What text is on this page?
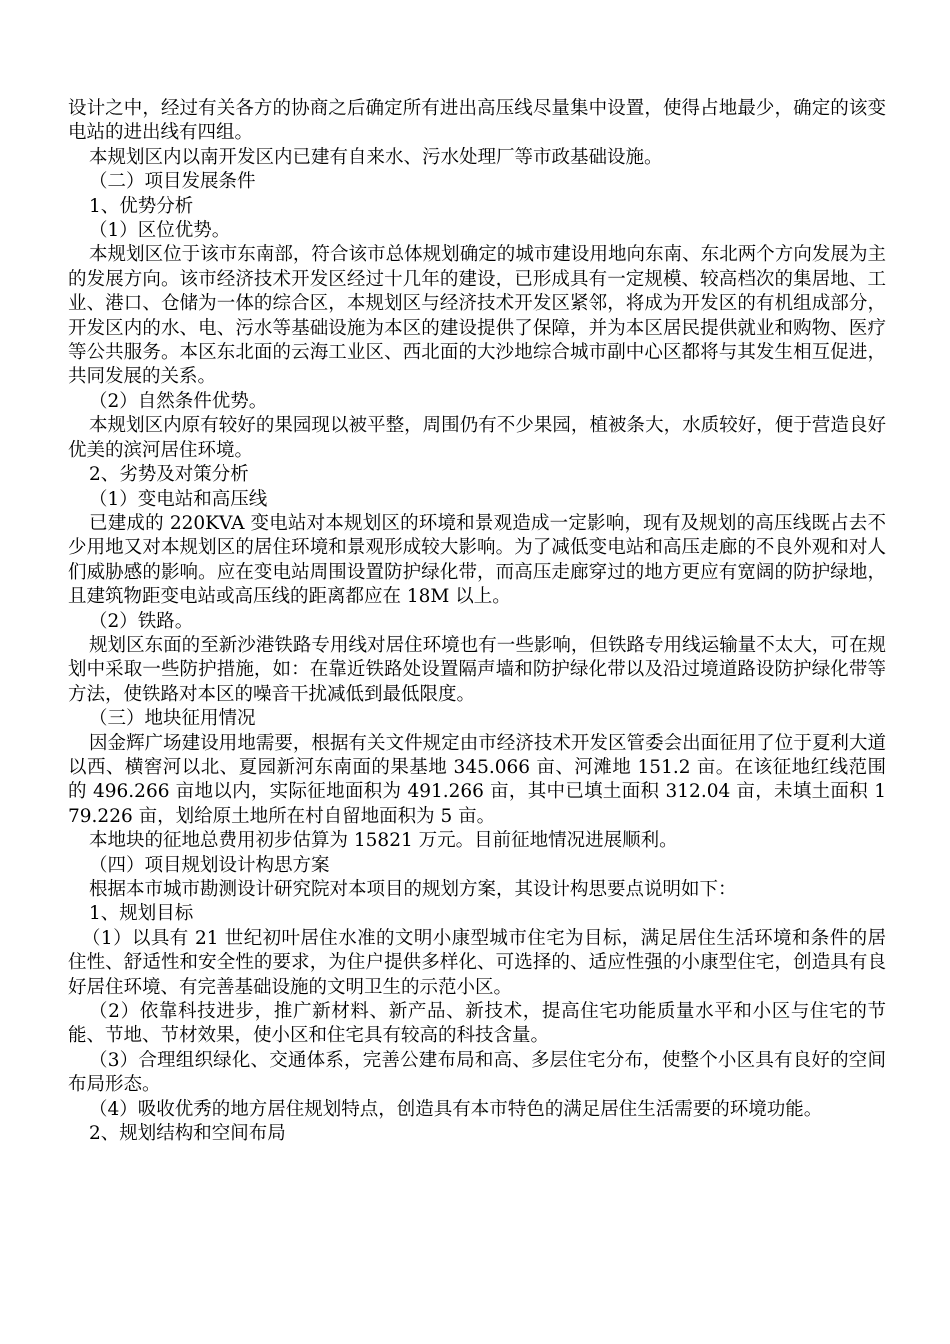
设计之中，经过有关各方的协商之后确定所有进出高压线尽量集中设置，使得占地最少，确定的该变电站的进出线有四组。

本规划区内以南开发区内已建有自来水、污水处理厂等市政基础设施。

（二）项目发展条件

1、优势分析

（1）区位优势。

本规划区位于该市东南部，符合该市总体规划确定的城市建设用地向东南、东北两个方向发展为主的发展方向。该市经济技术开发区经过十几年的建设，已形成具有一定规模、较高档次的集居地、工业、港口、仓储为一体的综合区，本规划区与经济技术开发区紧邻，将成为开发区的有机组成部分，开发区内的水、电、污水等基础设施为本区的建设提供了保障，并为本区居民提供就业和购物、医疗等公共服务。本区东北面的云海工业区、西北面的大沙地综合城市副中心区都将与其发生相互促进，共同发展的关系。

（2）自然条件优势。

本规划区内原有较好的果园现以被平整，周围仍有不少果园，植被条大，水质较好，便于营造良好优美的滨河居住环境。

2、劣势及对策分析

（1）变电站和高压线

已建成的 220KVA 变电站对本规划区的环境和景观造成一定影响，现有及规划的高压线既占去不少用地又对本规划区的居住环境和景观形成较大影响。为了减低变电站和高压走廊的不良外观和对人们威胁感的影响。应在变电站周围设置防护绿化带，而高压走廊穿过的地方更应有宽阔的防护绿地，且建筑物距变电站或高压线的距离都应在 18M 以上。

（2）铁路。

规划区东面的至新沙港铁路专用线对居住环境也有一些影响，但铁路专用线运输量不太大，可在规划中采取一些防护措施，如：在靠近铁路处设置隔声墙和防护绿化带以及沿过境道路设防护绿化带等方法，使铁路对本区的噪音干扰减低到最低限度。

（三）地块征用情况

因金辉广场建设用地需要，根据有关文件规定由市经济技术开发区管委会出面征用了位于夏利大道以西、横窖河以北、夏园新河东南面的果基地 345.066 亩、河滩地 151.2 亩。在该征地红线范围的 496.266 亩地以内，实际征地面积为 491.266 亩，其中已填土面积 312.04 亩，未填土面积 179.226 亩，划给原土地所在村自留地面积为 5 亩。

本地块的征地总费用初步估算为 15821 万元。目前征地情况进展顺利。

（四）项目规划设计构思方案

根据本市城市勘测设计研究院对本项目的规划方案，其设计构思要点说明如下：

1、规划目标

（1）以具有 21 世纪初叶居住水准的文明小康型城市住宅为目标，满足居住生活环境和条件的居住性、舒适性和安全性的要求，为住户提供多样化、可选择的、适应性强的小康型住宅，创造具有良好居住环境、有完善基础设施的文明卫生的示范小区。

（2）依靠科技进步，推广新材料、新产品、新技术，提高住宅功能质量水平和小区与住宅的节能、节地、节材效果，使小区和住宅具有较高的科技含量。

（3）合理组织绿化、交通体系，完善公建布局和高、多层住宅分布，使整个小区具有良好的空间布局形态。

（4）吸收优秀的地方居住规划特点，创造具有本市特色的满足居住生活需要的环境功能。

2、规划结构和空间布局
